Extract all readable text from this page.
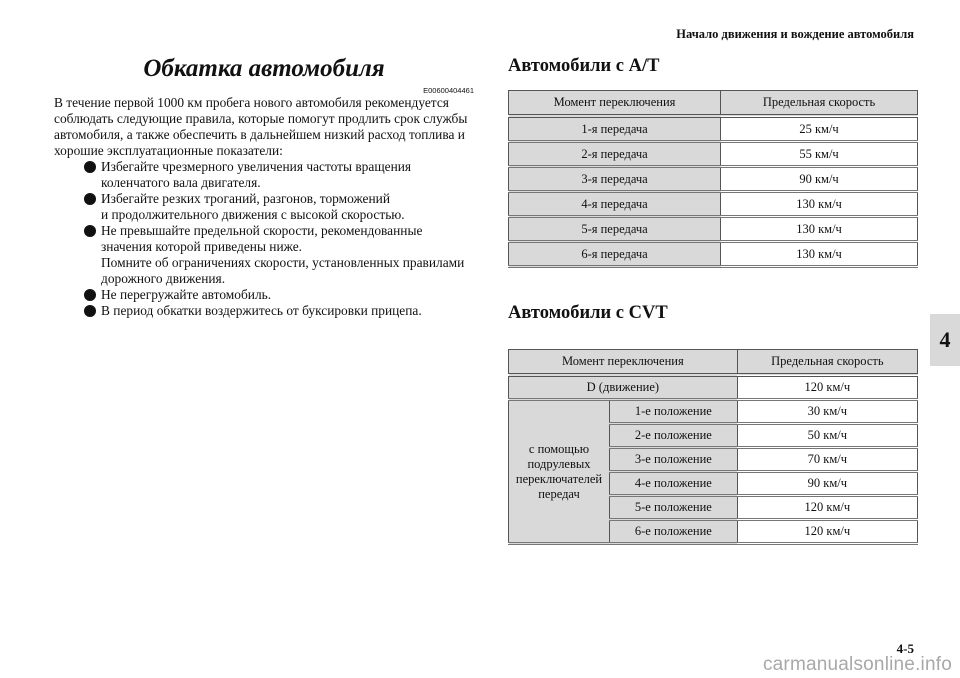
Начало движения и вождение автомобиля
4
Обкатка автомобиля
E00600404461

В течение первой 1000 км пробега нового автомобиля рекомендуется соблюдать следующие правила, которые помогут продлить срок службы автомобиля, а также обеспечить в дальнейшем низкий расход топлива и хорошие эксплуатационные показатели:

Избегайте чрезмерного увеличения частоты вращения
коленчатого вала двигателя.
Избегайте резких троганий, разгонов, торможений
и продолжительного движения с высокой скоростью.
Не превышайте предельной скорости, рекомендованные
значения которой приведены ниже.
Помните об ограничениях скорости, установленных правилами
дорожного движения.
Не перегружайте автомобиль.
В период обкатки воздержитесь от буксировки прицепа.
Автомобили с A/T
Момент переключения	Предельная скорость
1-я передача	25 км/ч
2-я передача	55 км/ч
3-я передача	90 км/ч
4-я передача	130 км/ч
5-я передача	130 км/ч
6-я передача	130 км/ч
Автомобили с CVT
Момент переключения		Предельная скорость
D (движение)		120 км/ч
с помощью
подрулевых
переключателей
передач	1-е положение	30 км/ч
	2-е положение	50 км/ч
	3-е положение	70 км/ч
	4-е положение	90 км/ч
	5-е положение	120 км/ч
	6-е положение	120 км/ч
4-5
carmanualsonline.info
